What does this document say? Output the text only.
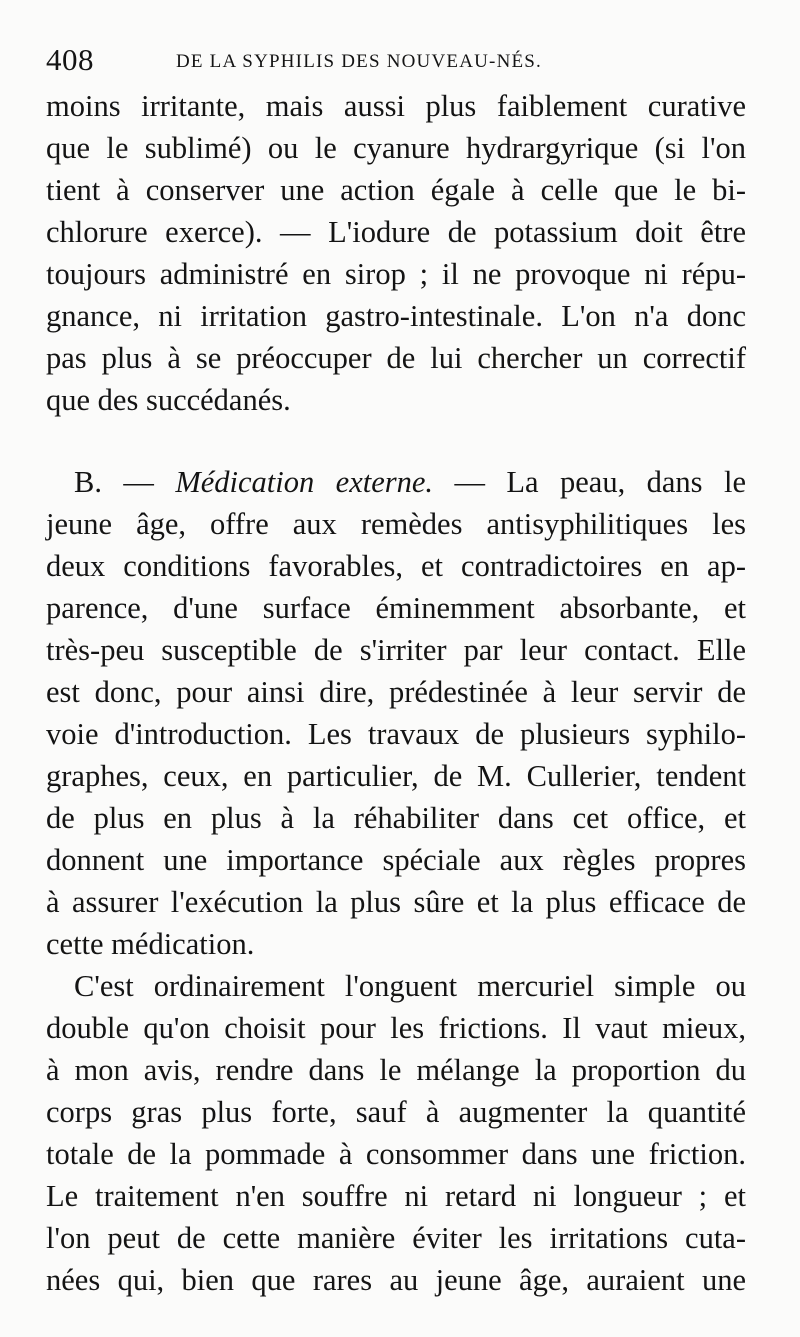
408	DE LA SYPHILIS DES NOUVEAU-NÉS.
moins irritante, mais aussi plus faiblement curative
que le sublimé) ou le cyanure hydrargyrique (si l'on
tient à conserver une action égale à celle que le bi-
chlorure exerce). — L'iodure de potassium doit être
toujours administré en sirop ; il ne provoque ni répu-
gnance, ni irritation gastro-intestinale. L'on n'a donc
pas plus à se préoccuper de lui chercher un correctif
que des succédanés.
B. — Médication externe. — La peau, dans le
jeune âge, offre aux remèdes antisyphilitiques les
deux conditions favorables, et contradictoires en ap-
parence, d'une surface éminemment absorbante, et
très-peu susceptible de s'irriter par leur contact. Elle
est donc, pour ainsi dire, prédestinée à leur servir de
voie d'introduction. Les travaux de plusieurs syphilo-
graphes, ceux, en particulier, de M. Cullerier, tendent
de plus en plus à la réhabiliter dans cet office, et
donnent une importance spéciale aux règles propres
à assurer l'exécution la plus sûre et la plus efficace de
cette médication.
C'est ordinairement l'onguent mercuriel simple ou
double qu'on choisit pour les frictions. Il vaut mieux,
à mon avis, rendre dans le mélange la proportion du
corps gras plus forte, sauf à augmenter la quantité
totale de la pommade à consommer dans une friction.
Le traitement n'en souffre ni retard ni longueur ; et
l'on peut de cette manière éviter les irritations cuta-
nées qui, bien que rares au jeune âge, auraient une
